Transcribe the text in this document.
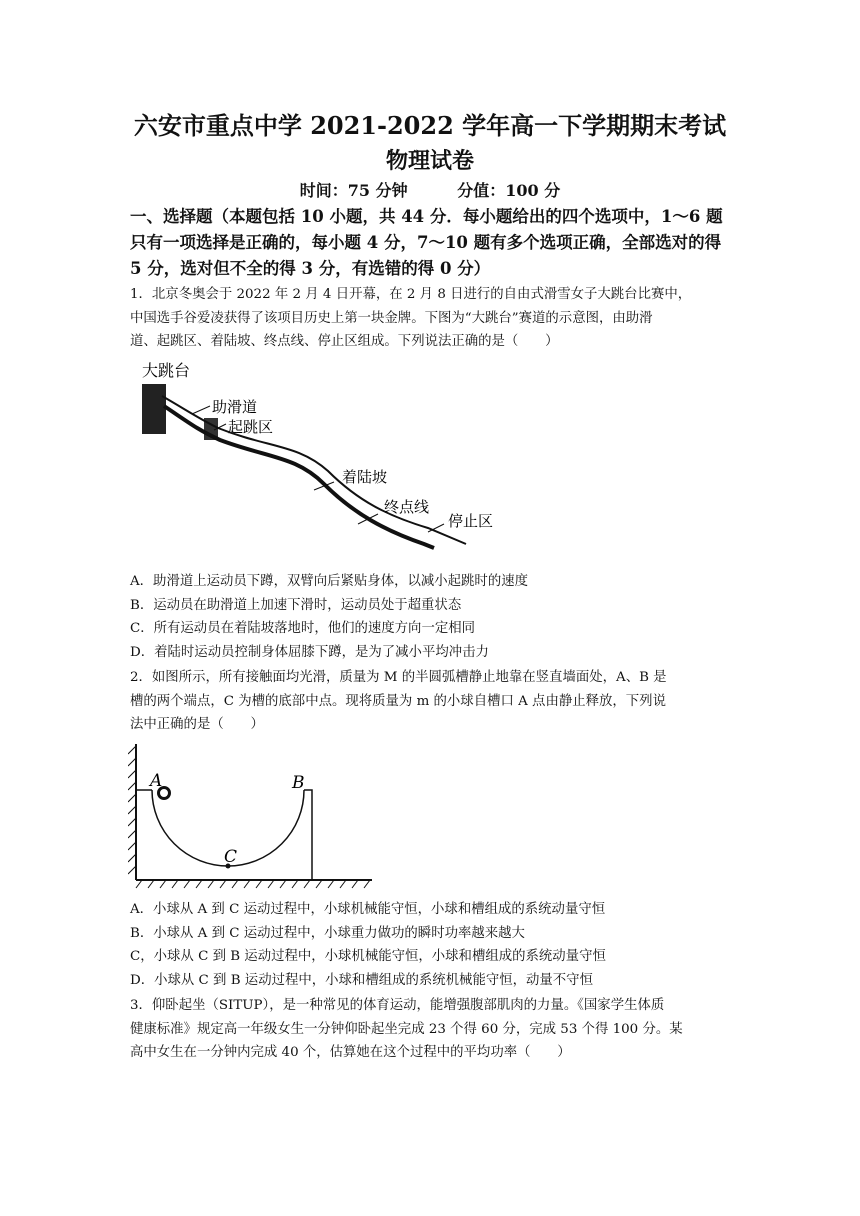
六安市重点中学 2021-2022 学年高一下学期期末考试
物理试卷
时间：75 分钟	分值：100 分
一、选择题（本题包括 10 小题，共 44 分．每小题给出的四个选项中，1～6 题
只有一项选择是正确的，每小题 4 分，7～10 题有多个选项正确，全部选对的得
5 分，选对但不全的得 3 分，有选错的得 0 分）
1．北京冬奥会于 2022 年 2 月 4 日开幕，在 2 月 8 日进行的自由式滑雪女子大跳台比赛中，
中国选手谷爱凌获得了该项目历史上第一块金牌。下图为“大跳台”赛道的示意图，由助滑
道、起跳区、着陆坡、终点线、停止区组成。下列说法正确的是（　　）
大跳台
助滑道
起跳区
着陆坡
终点线
停止区
A．助滑道上运动员下蹲，双臂向后紧贴身体，以减小起跳时的速度
B．运动员在助滑道上加速下滑时，运动员处于超重状态
C．所有运动员在着陆坡落地时，他们的速度方向一定相同
D．着陆时运动员控制身体屈膝下蹲，是为了减小平均冲击力
2．如图所示，所有接触面均光滑，质量为 M 的半圆弧槽静止地靠在竖直墙面处，A、B 是
槽的两个端点，C 为槽的底部中点。现将质量为 m 的小球自槽口 A 点由静止释放，下列说
法中正确的是（　　）
A	B
C
A．小球从 A 到 C 运动过程中，小球机械能守恒，小球和槽组成的系统动量守恒
B．小球从 A 到 C 运动过程中，小球重力做功的瞬时功率越来越大
C，小球从 C 到 B 运动过程中，小球机械能守恒，小球和槽组成的系统动量守恒
D．小球从 C 到 B 运动过程中，小球和槽组成的系统机械能守恒，动量不守恒
3．仰卧起坐（SITUP），是一种常见的体育运动，能增强腹部肌肉的力量。《国家学生体质
健康标准》规定高一年级女生一分钟仰卧起坐完成 23 个得 60 分，完成 53 个得 100 分。某
高中女生在一分钟内完成 40 个，估算她在这个过程中的平均功率（　　）
